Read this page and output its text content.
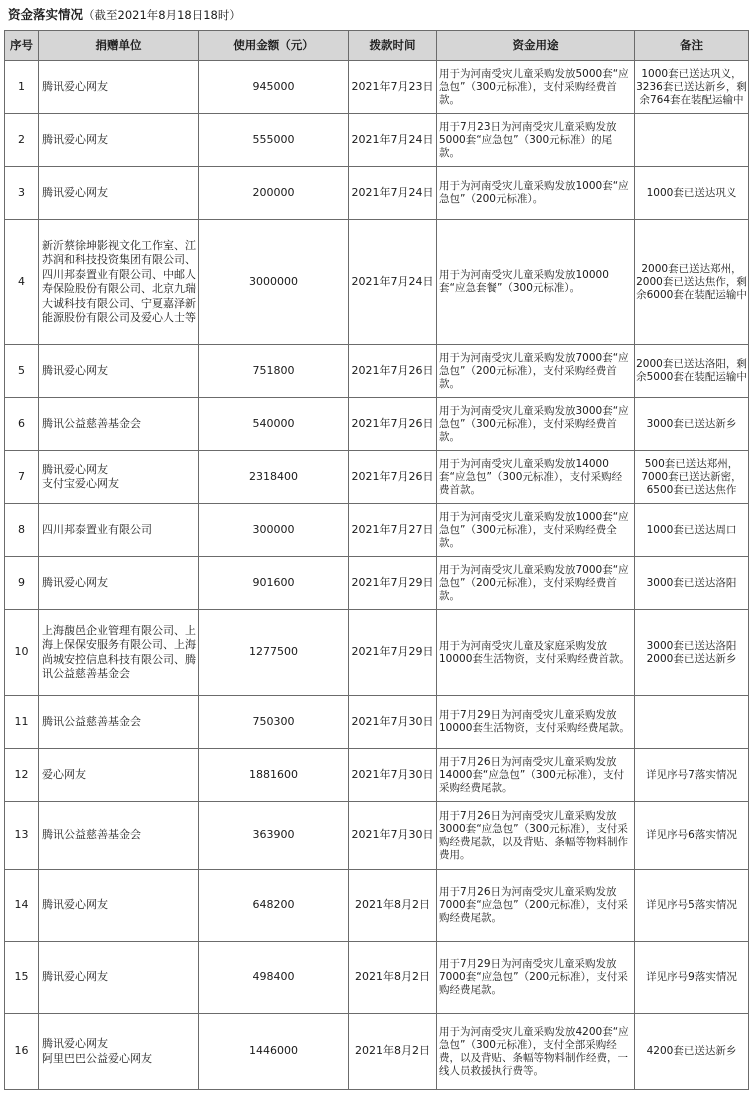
资金落实情况（截至2021年8月18日18时）
序号	捐赠单位	使用金额（元）	拨款时间	资金用途	备注
1	腾讯爱心网友	945000	2021年7月23日	用于为河南受灾儿童采购发放5000套“应急包”（300元标准），支付采购经费首款。	1000套已送达巩义，3236套已送达新乡，剩余764套在装配运输中
2	腾讯爱心网友	555000	2021年7月24日	用于7月23日为河南受灾儿童采购发放5000套“应急包”（300元标准）的尾款。	
3	腾讯爱心网友	200000	2021年7月24日	用于为河南受灾儿童采购发放1000套“应急包”（200元标准）。	1000套已送达巩义
4	新沂蔡徐坤影视文化工作室、江苏润和科技投资集团有限公司、四川邦泰置业有限公司、中邮人寿保险股份有限公司、北京九瑞大诚科技有限公司、宁夏嘉泽新能源股份有限公司及爱心人士等	3000000	2021年7月24日	用于为河南受灾儿童采购发放10000套“应急套餐”（300元标准）。	2000套已送达郑州，2000套已送达焦作，剩余6000套在装配运输中
5	腾讯爱心网友	751800	2021年7月26日	用于为河南受灾儿童采购发放7000套“应急包”（200元标准），支付采购经费首款。	2000套已送达洛阳，剩余5000套在装配运输中
6	腾讯公益慈善基金会	540000	2021年7月26日	用于为河南受灾儿童采购发放3000套“应急包”（300元标准），支付采购经费首款。	3000套已送达新乡
7	腾讯爱心网友
支付宝爱心网友	2318400	2021年7月26日	用于为河南受灾儿童采购发放14000套“应急包”（300元标准），支付采购经费首款。	500套已送达郑州，7000套已送达新密，6500套已送达焦作
8	四川邦泰置业有限公司	300000	2021年7月27日	用于为河南受灾儿童采购发放1000套“应急包”（300元标准），支付采购经费全款。	1000套已送达周口
9	腾讯爱心网友	901600	2021年7月29日	用于为河南受灾儿童采购发放7000套“应急包”（200元标准），支付采购经费首款。	3000套已送达洛阳
10	上海馥邑企业管理有限公司、上海上保保安服务有限公司、上海尚城安控信息科技有限公司、腾讯公益慈善基金会	1277500	2021年7月29日	用于为河南受灾儿童及家庭采购发放10000套生活物资，支付采购经费首款。	3000套已送达洛阳
2000套已送达新乡
11	腾讯公益慈善基金会	750300	2021年7月30日	用于7月29日为河南受灾儿童采购发放10000套生活物资，支付采购经费尾款。	
12	爱心网友	1881600	2021年7月30日	用于7月26日为河南受灾儿童采购发放14000套“应急包”（300元标准），支付采购经费尾款。	详见序号7落实情况
13	腾讯公益慈善基金会	363900	2021年7月30日	用于7月26日为河南受灾儿童采购发放3000套“应急包”（300元标准），支付采购经费尾款，以及背贴、条幅等物料制作费用。	详见序号6落实情况
14	腾讯爱心网友	648200	2021年8月2日	用于7月26日为河南受灾儿童采购发放7000套“应急包”（200元标准），支付采购经费尾款。	详见序号5落实情况
15	腾讯爱心网友	498400	2021年8月2日	用于7月29日为河南受灾儿童采购发放7000套“应急包”（200元标准），支付采购经费尾款。	详见序号9落实情况
16	腾讯爱心网友
阿里巴巴公益爱心网友	1446000	2021年8月2日	用于为河南受灾儿童采购发放4200套“应急包”（300元标准），支付全部采购经费，以及背贴、条幅等物料制作经费，一线人员救援执行费等。	4200套已送达新乡
